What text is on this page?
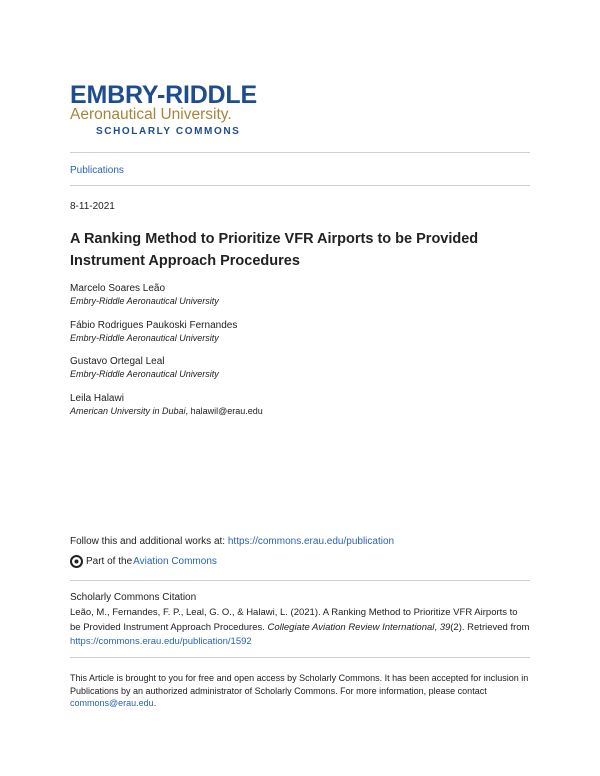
EMBRY-RIDDLE
Aeronautical University.
SCHOLARLY COMMONS
Publications
8-11-2021
A Ranking Method to Prioritize VFR Airports to be Provided Instrument Approach Procedures
Marcelo Soares Leão
Embry-Riddle Aeronautical University
Fábio Rodrigues Paukoski Fernandes
Embry-Riddle Aeronautical University
Gustavo Ortegal Leal
Embry-Riddle Aeronautical University
Leila Halawi
American University in Dubai, halawil@erau.edu
Follow this and additional works at: https://commons.erau.edu/publication
Part of the Aviation Commons
Scholarly Commons Citation
Leão, M., Fernandes, F. P., Leal, G. O., & Halawi, L. (2021). A Ranking Method to Prioritize VFR Airports to be Provided Instrument Approach Procedures. Collegiate Aviation Review International, 39(2). Retrieved from https://commons.erau.edu/publication/1592
This Article is brought to you for free and open access by Scholarly Commons. It has been accepted for inclusion in Publications by an authorized administrator of Scholarly Commons. For more information, please contact commons@erau.edu.
